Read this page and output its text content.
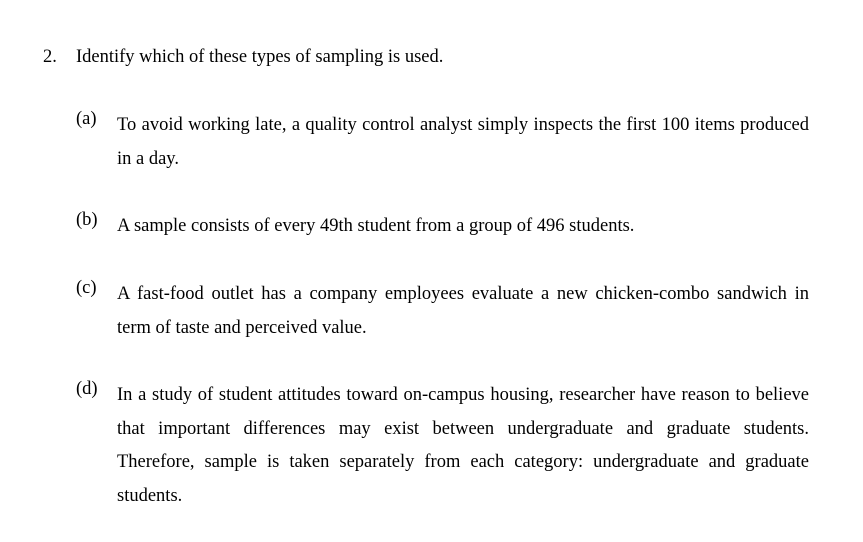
2. Identify which of these types of sampling is used.
(a) To avoid working late, a quality control analyst simply inspects the first 100 items produced in a day.

(b) A sample consists of every 49th student from a group of 496 students.

(c) A fast-food outlet has a company employees evaluate a new chicken-combo sandwich in term of taste and perceived value.

(d) In a study of student attitudes toward on-campus housing, researcher have reason to believe that important differences may exist between undergraduate and graduate students. Therefore, sample is taken separately from each category: undergraduate and graduate students.
